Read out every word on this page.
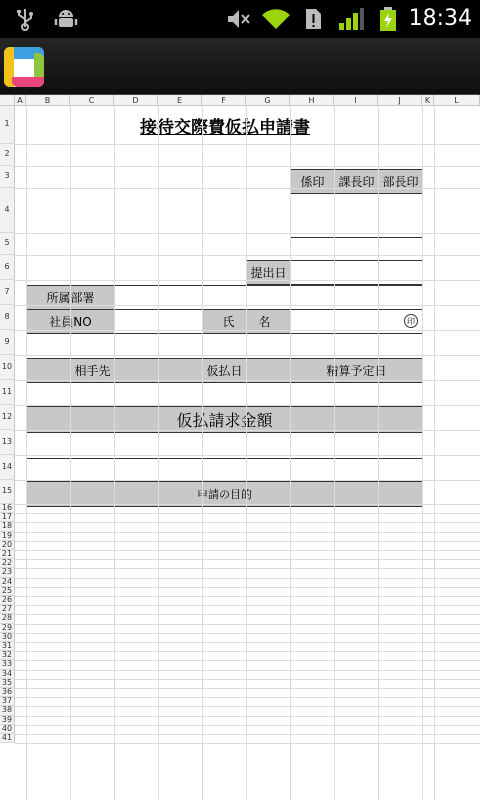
18:34
接待交際費仮払申請書
係印	課長印 部長印
提出日
所属部署
社員NO	氏　　名	印
相手先	仮払日	精算予定日
仮払請求金額
申請の目的
A	B	C	D	E	F	G	H	I	J	K	L
1
2
3
4
5
6
7
8
9
10
11
12
13
14
15
16
17
18
19
20
21
22
23
24
25
26
27
28
29
30
31
32
33
34
35
36
37
38
39
40
41
